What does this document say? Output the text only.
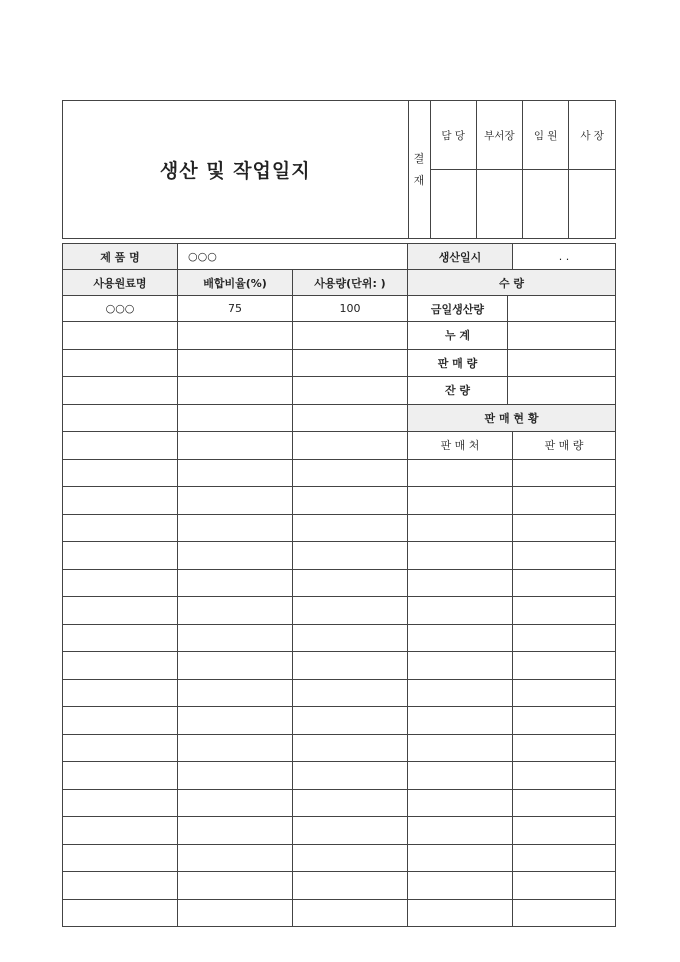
생산 및 작업일지	
결
재
	담 당	부서장	임 원	사 장

제 품 명	○○○	생산일시	. .
사용원료명	배합비율(%)	사용량(단위: )	수 량
○○○	75	100	금일생산량	
			누 계	
			판 매 량	
			잔 량	
			판 매 현 황
			판 매 처	판 매 량
